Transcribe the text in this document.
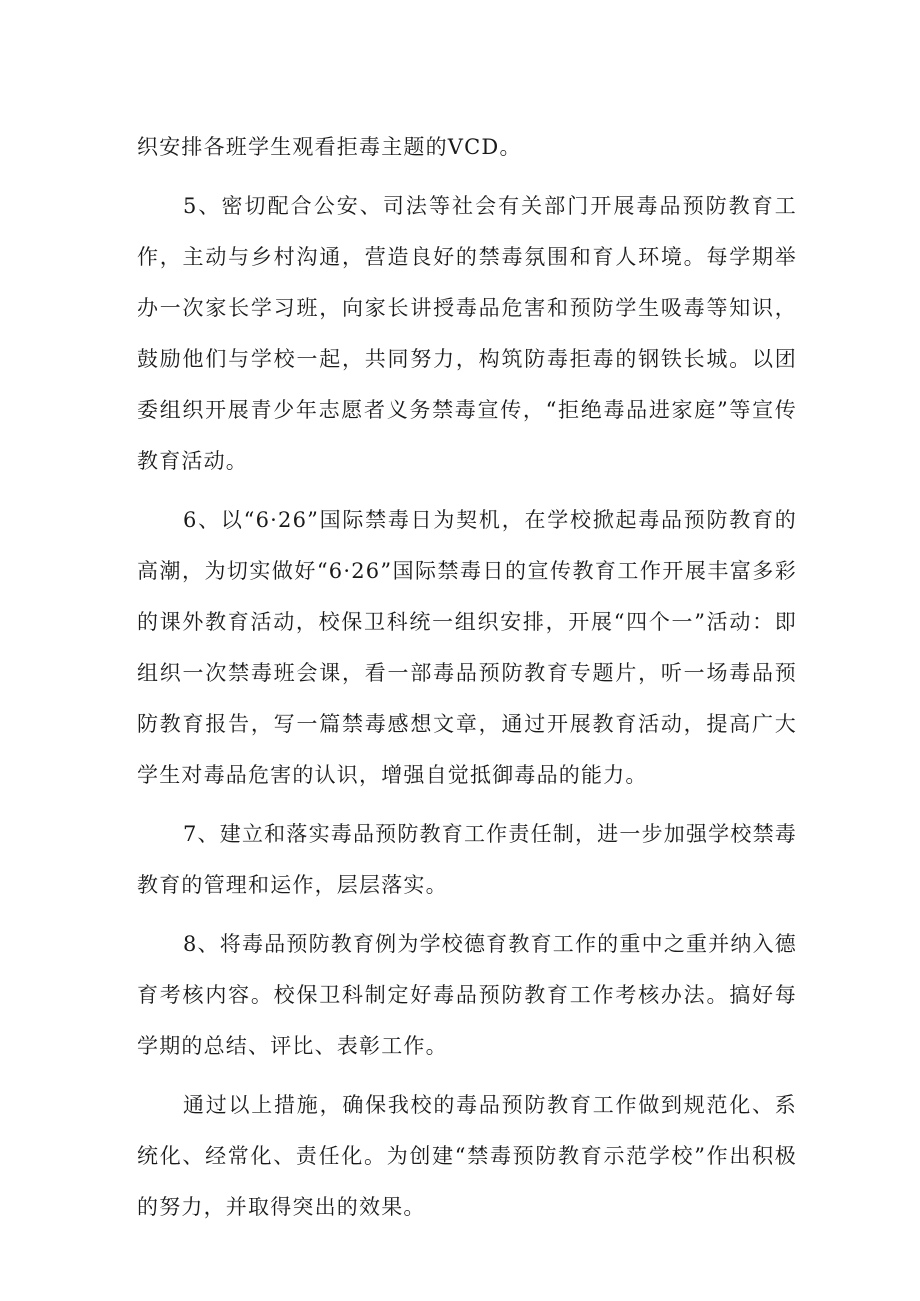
织安排各班学生观看拒毒主题的VCD。

5、密切配合公安、司法等社会有关部门开展毒品预防教育工作，主动与乡村沟通，营造良好的禁毒氛围和育人环境。每学期举办一次家长学习班，向家长讲授毒品危害和预防学生吸毒等知识，鼓励他们与学校一起，共同努力，构筑防毒拒毒的钢铁长城。以团委组织开展青少年志愿者义务禁毒宣传，“拒绝毒品进家庭”等宣传教育活动。

6、以“6·26”国际禁毒日为契机，在学校掀起毒品预防教育的高潮，为切实做好“6·26”国际禁毒日的宣传教育工作开展丰富多彩的课外教育活动，校保卫科统一组织安排，开展“四个一”活动：即组织一次禁毒班会课，看一部毒品预防教育专题片，听一场毒品预防教育报告，写一篇禁毒感想文章，通过开展教育活动，提高广大学生对毒品危害的认识，增强自觉抵御毒品的能力。

7、建立和落实毒品预防教育工作责任制，进一步加强学校禁毒教育的管理和运作，层层落实。

8、将毒品预防教育例为学校德育教育工作的重中之重并纳入德育考核内容。校保卫科制定好毒品预防教育工作考核办法。搞好每学期的总结、评比、表彰工作。

通过以上措施，确保我校的毒品预防教育工作做到规范化、系统化、经常化、责任化。为创建“禁毒预防教育示范学校”作出积极的努力，并取得突出的效果。
